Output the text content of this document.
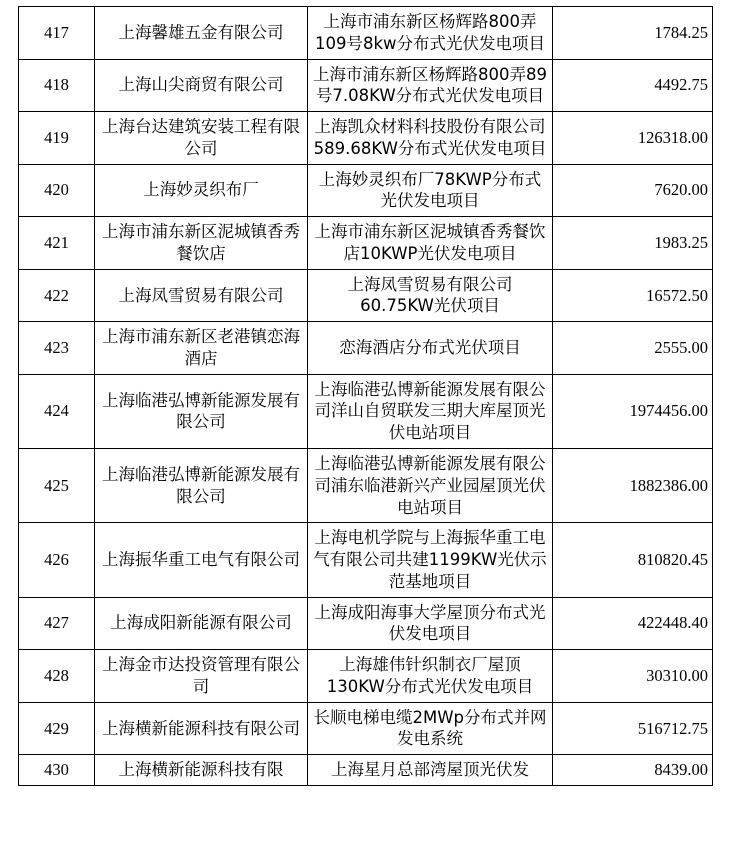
417	上海馨雄五金有限公司	上海市浦东新区杨辉路800弄109号8kw分布式光伏发电项目	1784.25
418	上海山尖商贸有限公司	上海市浦东新区杨辉路800弄89号7.08KW分布式光伏发电项目	4492.75
419	上海台达建筑安装工程有限公司	上海凯众材料科技股份有限公司589.68KW分布式光伏发电项目	126318.00
420	上海妙灵织布厂	上海妙灵织布厂78KWP分布式光伏发电项目	7620.00
421	上海市浦东新区泥城镇香秀餐饮店	上海市浦东新区泥城镇香秀餐饮店10KWP光伏发电项目	1983.25
422	上海凤雪贸易有限公司	上海凤雪贸易有限公司60.75KW光伏项目	16572.50
423	上海市浦东新区老港镇恋海酒店	恋海酒店分布式光伏项目	2555.00
424	上海临港弘博新能源发展有限公司	上海临港弘博新能源发展有限公司洋山自贸联发三期大库屋顶光伏电站项目	1974456.00
425	上海临港弘博新能源发展有限公司	上海临港弘博新能源发展有限公司浦东临港新兴产业园屋顶光伏电站项目	1882386.00
426	上海振华重工电气有限公司	上海电机学院与上海振华重工电气有限公司共建1199KW光伏示范基地项目	810820.45
427	上海成阳新能源有限公司	上海成阳海事大学屋顶分布式光伏发电项目	422448.40
428	上海金市达投资管理有限公司	上海雄伟针织制衣厂屋顶130KW分布式光伏发电项目	30310.00
429	上海横新能源科技有限公司	长顺电梯电缆2MWp分布式并网发电系统	516712.75
430	上海横新能源科技有限	上海星月总部湾屋顶光伏发	8439.00
